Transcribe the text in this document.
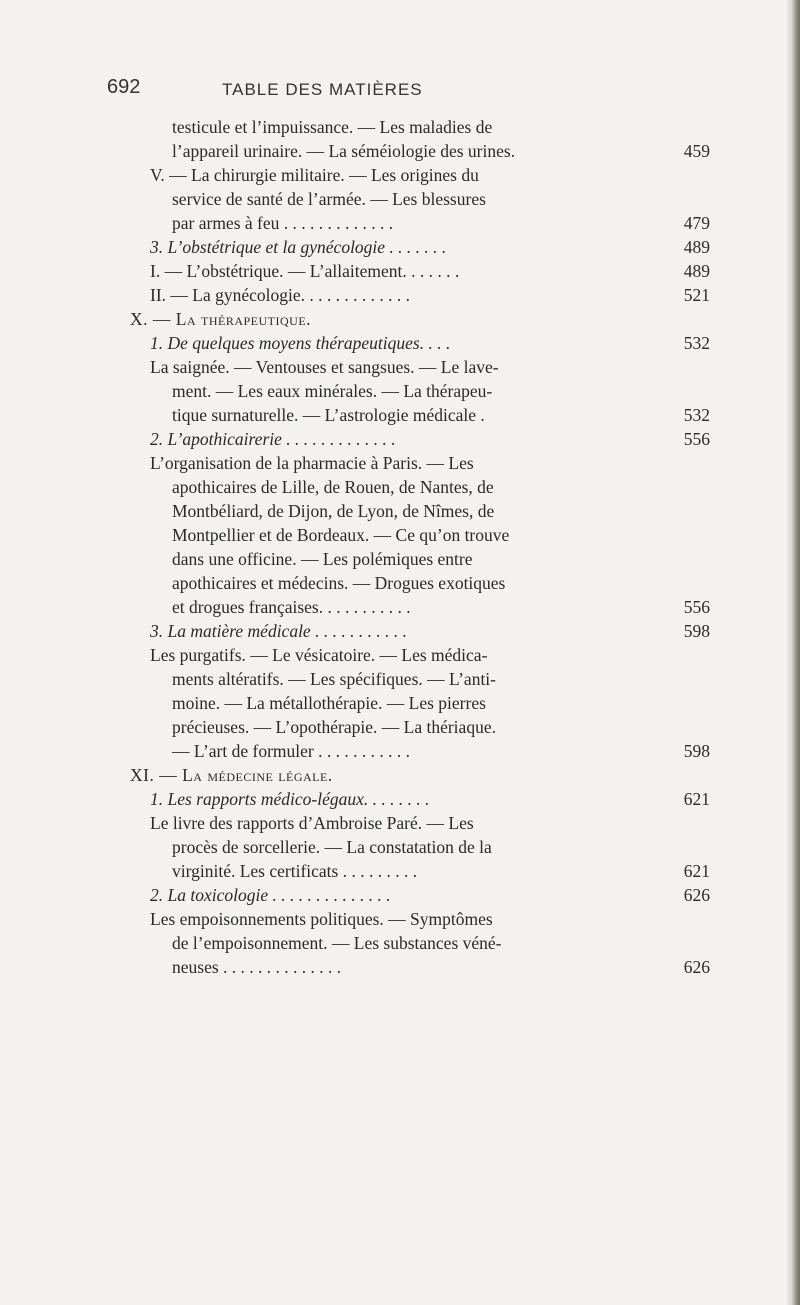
692	TABLE DES MATIÈRES
testicule et l’impuissance. — Les maladies de
l’appareil urinaire. — La séméiologie des urines.	459
V. — La chirurgie militaire. — Les origines du
service de santé de l’armée. — Les blessures
par armes à feu . . . . . . . . . . . . .	479
3. L’obstétrique et la gynécologie . . . . . . .	489
I. — L’obstétrique. — L’allaitement. . . . . . .	489
II. — La gynécologie. . . . . . . . . . . . .	521
X. — La thérapeutique.
1. De quelques moyens thérapeutiques. . . .	532
La saignée. — Ventouses et sangsues. — Le lave-
ment. — Les eaux minérales. — La thérapeu-
tique surnaturelle. — L’astrologie médicale .	532
2. L’apothicairerie . . . . . . . . . . . . .	556
L’organisation de la pharmacie à Paris. — Les
apothicaires de Lille, de Rouen, de Nantes, de
Montbéliard, de Dijon, de Lyon, de Nîmes, de
Montpellier et de Bordeaux. — Ce qu’on trouve
dans une officine. — Les polémiques entre
apothicaires et médecins. — Drogues exotiques
et drogues françaises. . . . . . . . . . .	556
3. La matière médicale . . . . . . . . . . .	598
Les purgatifs. — Le vésicatoire. — Les médica-
ments altératifs. — Les spécifiques. — L’anti-
moine. — La métallothérapie. — Les pierres
précieuses. — L’opothérapie. — La thériaque.
— L’art de formuler . . . . . . . . . . .	598
XI. — La médecine légale.
1. Les rapports médico-légaux. . . . . . . .	621
Le livre des rapports d’Ambroise Paré. — Les
procès de sorcellerie. — La constatation de la
virginité. Les certificats . . . . . . . . .	621
2. La toxicologie . . . . . . . . . . . . . .	626
Les empoisonnements politiques. — Symptômes
de l’empoisonnement. — Les substances véné-
neuses . . . . . . . . . . . . . .	626
